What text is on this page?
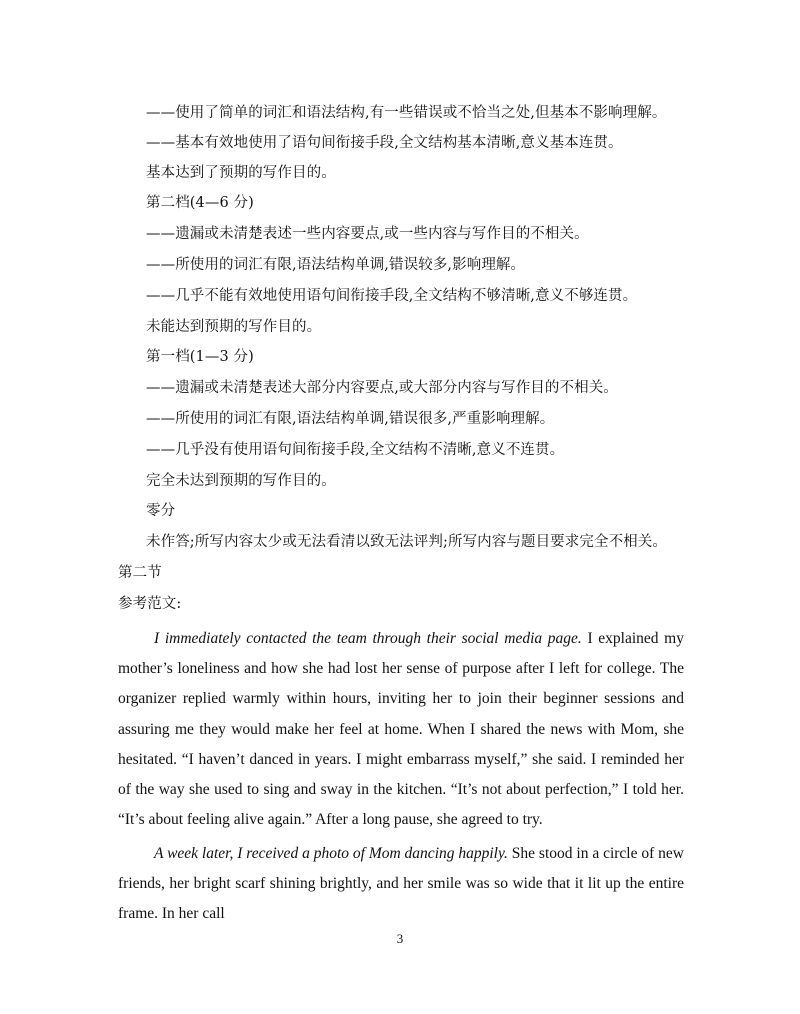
——使用了简单的词汇和语法结构,有一些错误或不恰当之处,但基本不影响理解。
——基本有效地使用了语句间衔接手段,全文结构基本清晰,意义基本连贯。
基本达到了预期的写作目的。
第二档(4—6 分)
——遗漏或未清楚表述一些内容要点,或一些内容与写作目的不相关。
——所使用的词汇有限,语法结构单调,错误较多,影响理解。
——几乎不能有效地使用语句间衔接手段,全文结构不够清晰,意义不够连贯。
未能达到预期的写作目的。
第一档(1—3 分)
——遗漏或未清楚表述大部分内容要点,或大部分内容与写作目的不相关。
——所使用的词汇有限,语法结构单调,错误很多,严重影响理解。
——几乎没有使用语句间衔接手段,全文结构不清晰,意义不连贯。
完全未达到预期的写作目的。
零分
未作答;所写内容太少或无法看清以致无法评判;所写内容与题目要求完全不相关。
第二节
参考范文:
I immediately contacted the team through their social media page. I explained my mother’s loneliness and how she had lost her sense of purpose after I left for college. The organizer replied warmly within hours, inviting her to join their beginner sessions and assuring me they would make her feel at home. When I shared the news with Mom, she hesitated. “I haven’t danced in years. I might embarrass myself,” she said. I reminded her of the way she used to sing and sway in the kitchen. “It’s not about perfection,” I told her. “It’s about feeling alive again.” After a long pause, she agreed to try.
A week later, I received a photo of Mom dancing happily. She stood in a circle of new friends, her bright scarf shining brightly, and her smile was so wide that it lit up the entire frame. In her call
3
